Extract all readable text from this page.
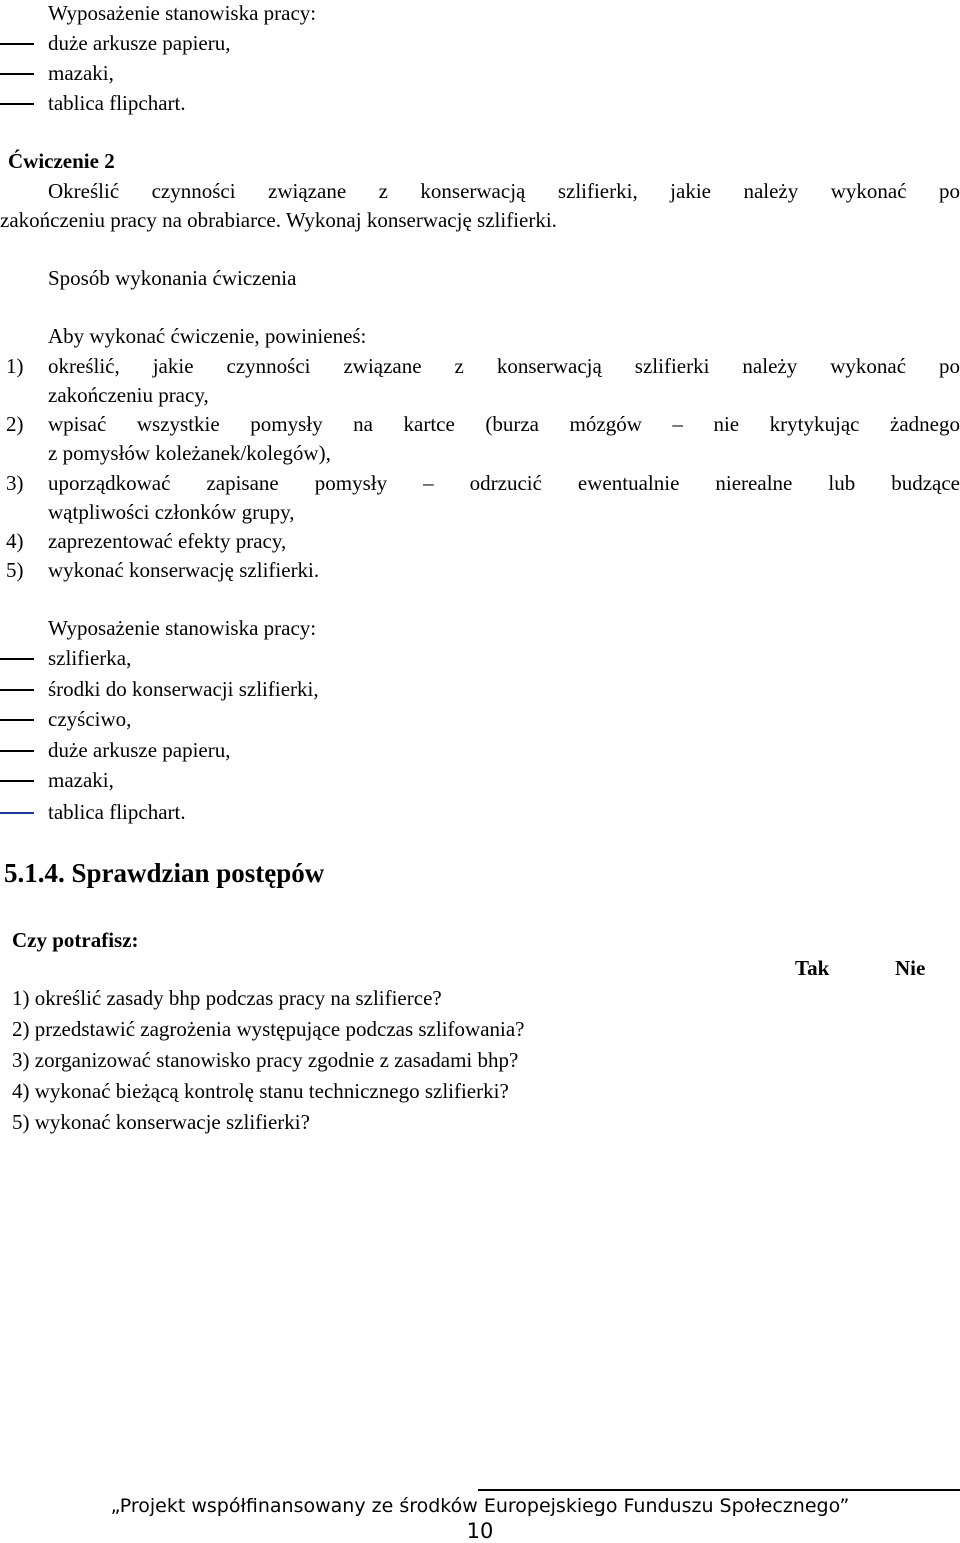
Wyposażenie stanowiska pracy:
duże arkusze papieru,
mazaki,
tablica flipchart.
Ćwiczenie 2
Określić czynności związane z konserwacją szlifierki, jakie należy wykonać po
zakończeniu pracy na obrabiarce. Wykonaj konserwację szlifierki.
Sposób wykonania ćwiczenia
Aby wykonać ćwiczenie, powinieneś:
1) określić, jakie czynności związane z konserwacją szlifierki należy wykonać po
zakończeniu pracy,
2) wpisać wszystkie pomysły na kartce (burza mózgów – nie krytykując żadnego
z pomysłów koleżanek/kolegów),
3) uporządkować zapisane pomysły – odrzucić ewentualnie nierealne lub budzące
wątpliwości członków grupy,
4) zaprezentować efekty pracy,
5) wykonać konserwację szlifierki.
Wyposażenie stanowiska pracy:
szlifierka,
środki do konserwacji szlifierki,
czyściwo,
duże arkusze papieru,
mazaki,
tablica flipchart.
5.1.4. Sprawdzian postępów
Czy potrafisz:
Tak	Nie
1) określić zasady bhp podczas pracy na szlifierce?
2) przedstawić zagrożenia występujące podczas szlifowania?
3) zorganizować stanowisko pracy zgodnie z zasadami bhp?
4) wykonać bieżącą kontrolę stanu technicznego szlifierki?
5) wykonać konserwacje szlifierki?
„Projekt współfinansowany ze środków Europejskiego Funduszu Społecznego”
10
